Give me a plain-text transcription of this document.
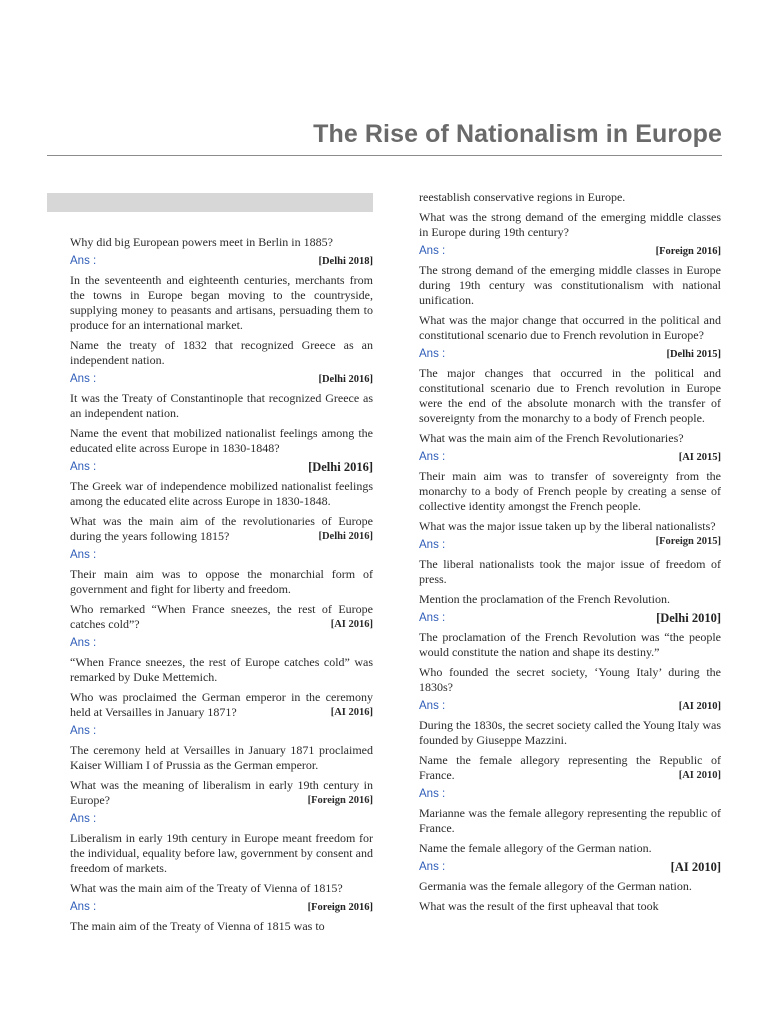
The Rise of Nationalism in Europe

Why did big European powers meet in Berlin in 1885?

Ans :	[Delhi 2018]

In the seventeenth and eighteenth centuries, merchants from the towns in Europe began moving to the countryside, supplying money to peasants and artisans, persuading them to produce for an international market.

Name the treaty of 1832 that recognized Greece as an independent nation.

Ans :	[Delhi 2016]

It was the Treaty of Constantinople that recognized Greece as an independent nation.

Name the event that mobilized nationalist feelings among the educated elite across Europe in 1830-1848?

Ans :	[Delhi 2016]

The Greek war of independence mobilized nationalist feelings among the educated elite across Europe in 1830-1848.

What was the main aim of the revolutionaries of Europe during the years following 1815?	[Delhi 2016]

Ans :

Their main aim was to oppose the monarchial form of government and fight for liberty and freedom.

Who remarked “When France sneezes, the rest of Europe catches cold”?	[AI 2016]

Ans :

“When France sneezes, the rest of Europe catches cold” was remarked by Duke Mettemich.

Who was proclaimed the German emperor in the ceremony held at Versailles in January 1871?	[AI 2016]

Ans :

The ceremony held at Versailles in January 1871 proclaimed Kaiser William I of Prussia as the German emperor.

What was the meaning of liberalism in early 19th century in Europe?	[Foreign 2016]

Ans :

Liberalism in early 19th century in Europe meant freedom for the individual, equality before law, government by consent and freedom of markets.

What was the main aim of the Treaty of Vienna of 1815?

Ans :	[Foreign 2016]

The main aim of the Treaty of Vienna of 1815 was to

reestablish conservative regions in Europe.

What was the strong demand of the emerging middle classes in Europe during 19th century?

Ans :	[Foreign 2016]

The strong demand of the emerging middle classes in Europe during 19th century was constitutionalism with national unification.

What was the major change that occurred in the political and constitutional scenario due to French revolution in Europe?

Ans :	[Delhi 2015]

The major changes that occurred in the political and constitutional scenario due to French revolution in Europe were the end of the absolute monarch with the transfer of sovereignty from the monarchy to a body of French people.

What was the main aim of the French Revolutionaries?

Ans :	[AI 2015]

Their main aim was to transfer of sovereignty from the monarchy to a body of French people by creating a sense of collective identity amongst the French people.

What was the major issue taken up by the liberal nationalists?
[Foreign 2015]

Ans :

The liberal nationalists took the major issue of freedom of press.

Mention the proclamation of the French Revolution.

Ans :	[Delhi 2010]

The proclamation of the French Revolution was “the people would constitute the nation and shape its destiny.”

Who founded the secret society, ‘Young Italy’ during the 1830s?

Ans :	[AI 2010]

During the 1830s, the secret society called the Young Italy was founded by Giuseppe Mazzini.

Name the female allegory representing the Republic of France.	[AI 2010]

Ans :

Marianne was the female allegory representing the republic of France.

Name the female allegory of the German nation.

Ans :	[AI 2010]

Germania was the female allegory of the German nation.

What was the result of the first upheaval that took
